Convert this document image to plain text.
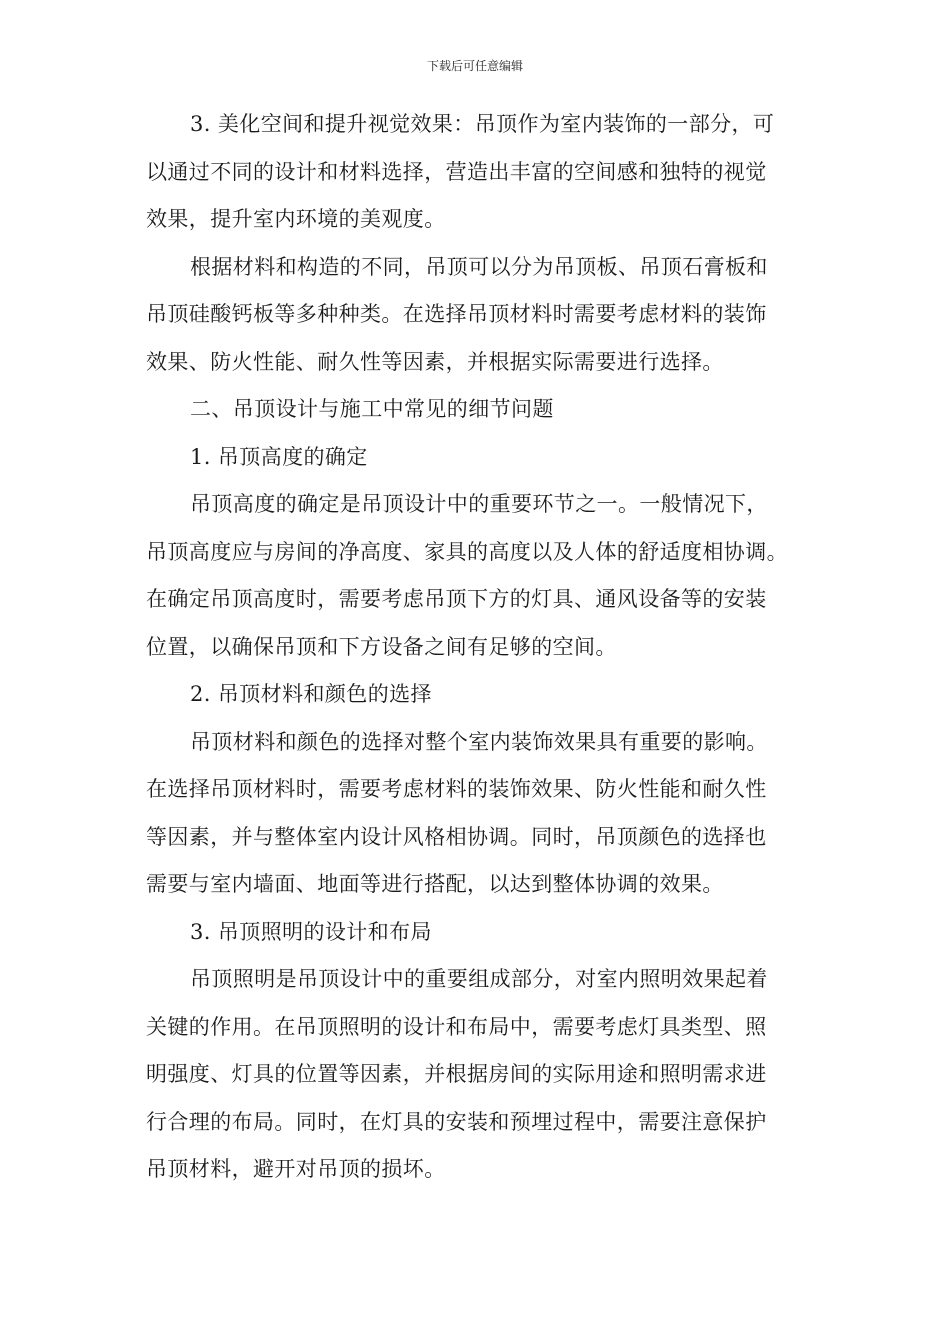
下载后可任意编辑
3. 美化空间和提升视觉效果：吊顶作为室内装饰的一部分，可
以通过不同的设计和材料选择，营造出丰富的空间感和独特的视觉
效果，提升室内环境的美观度。
根据材料和构造的不同，吊顶可以分为吊顶板、吊顶石膏板和
吊顶硅酸钙板等多种种类。在选择吊顶材料时需要考虑材料的装饰
效果、防火性能、耐久性等因素，并根据实际需要进行选择。
二、吊顶设计与施工中常见的细节问题
1. 吊顶高度的确定
吊顶高度的确定是吊顶设计中的重要环节之一。一般情况下，
吊顶高度应与房间的净高度、家具的高度以及人体的舒适度相协调。
在确定吊顶高度时，需要考虑吊顶下方的灯具、通风设备等的安装
位置，以确保吊顶和下方设备之间有足够的空间。
2. 吊顶材料和颜色的选择
吊顶材料和颜色的选择对整个室内装饰效果具有重要的影响。
在选择吊顶材料时，需要考虑材料的装饰效果、防火性能和耐久性
等因素，并与整体室内设计风格相协调。同时，吊顶颜色的选择也
需要与室内墙面、地面等进行搭配，以达到整体协调的效果。
3. 吊顶照明的设计和布局
吊顶照明是吊顶设计中的重要组成部分，对室内照明效果起着
关键的作用。在吊顶照明的设计和布局中，需要考虑灯具类型、照
明强度、灯具的位置等因素，并根据房间的实际用途和照明需求进
行合理的布局。同时，在灯具的安装和预埋过程中，需要注意保护
吊顶材料，避开对吊顶的损坏。
